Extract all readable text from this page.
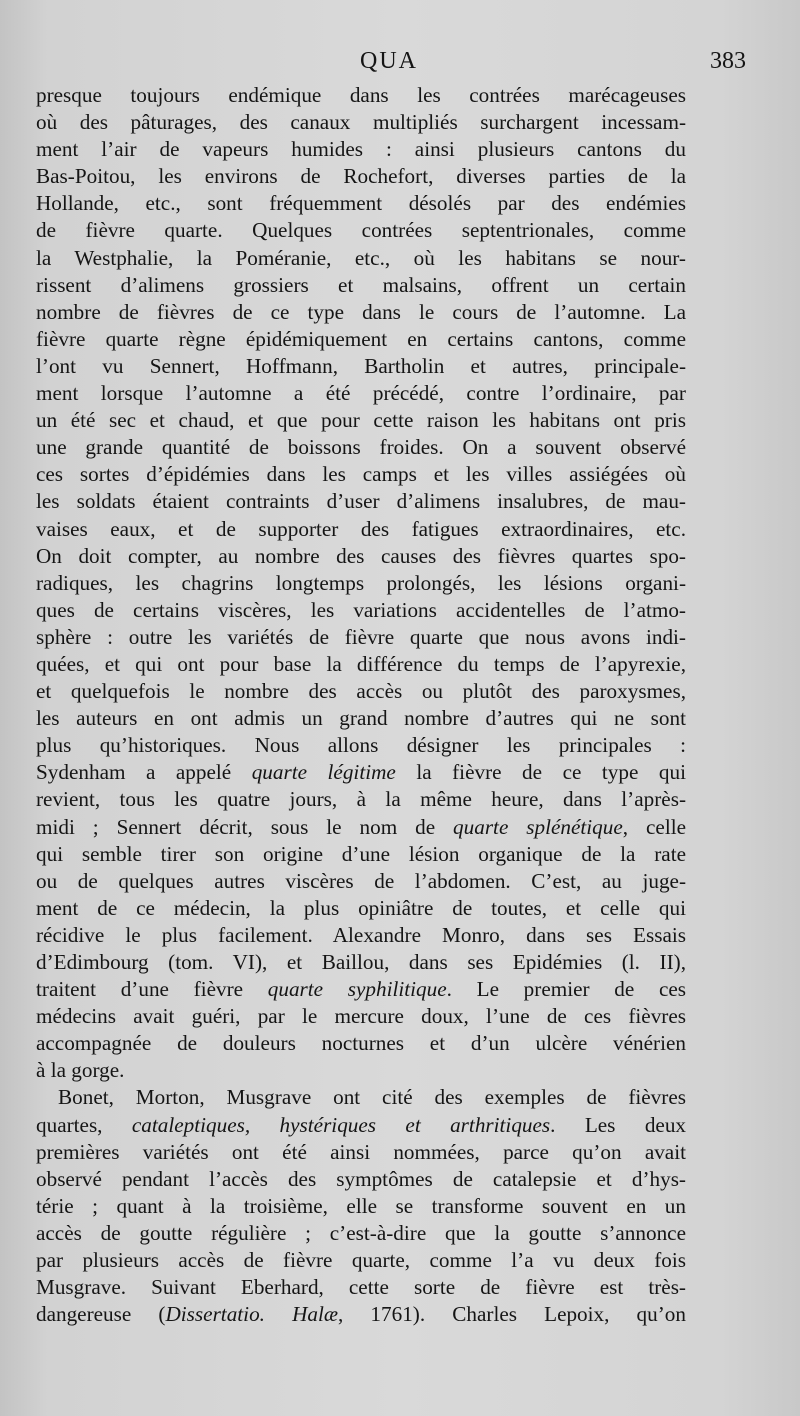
QUA	383
presque toujours endémique dans les contrées marécageuses
où des pâturages, des canaux multipliés surchargent incessam-
ment l’air de vapeurs humides : ainsi plusieurs cantons du
Bas-Poitou, les environs de Rochefort, diverses parties de la
Hollande, etc., sont fréquemment désolés par des endémies
de fièvre quarte. Quelques contrées septentrionales, comme
la Westphalie, la Poméranie, etc., où les habitans se nour-
rissent d’alimens grossiers et malsains, offrent un certain
nombre de fièvres de ce type dans le cours de l’automne. La
fièvre quarte règne épidémiquement en certains cantons, comme
l’ont vu Sennert, Hoffmann, Bartholin et autres, principale-
ment lorsque l’automne a été précédé, contre l’ordinaire, par
un été sec et chaud, et que pour cette raison les habitans ont pris
une grande quantité de boissons froides. On a souvent observé
ces sortes d’épidémies dans les camps et les villes assiégées où
les soldats étaient contraints d’user d’alimens insalubres, de mau-
vaises eaux, et de supporter des fatigues extraordinaires, etc.
On doit compter, au nombre des causes des fièvres quartes spo-
radiques, les chagrins longtemps prolongés, les lésions organi-
ques de certains viscères, les variations accidentelles de l’atmo-
sphère : outre les variétés de fièvre quarte que nous avons indi-
quées, et qui ont pour base la différence du temps de l’apyrexie,
et quelquefois le nombre des accès ou plutôt des paroxysmes,
les auteurs en ont admis un grand nombre d’autres qui ne sont
plus qu’historiques. Nous allons désigner les principales :
Sydenham a appelé quarte légitime la fièvre de ce type qui
revient, tous les quatre jours, à la même heure, dans l’après-
midi ; Sennert décrit, sous le nom de quarte splénétique, celle
qui semble tirer son origine d’une lésion organique de la rate
ou de quelques autres viscères de l’abdomen. C’est, au juge-
ment de ce médecin, la plus opiniâtre de toutes, et celle qui
récidive le plus facilement. Alexandre Monro, dans ses Essais
d’Edimbourg (tom. VI), et Baillou, dans ses Epidémies (l. II),
traitent d’une fièvre quarte syphilitique. Le premier de ces
médecins avait guéri, par le mercure doux, l’une de ces fièvres
accompagnée de douleurs nocturnes et d’un ulcère vénérien
à la gorge.
Bonet, Morton, Musgrave ont cité des exemples de fièvres
quartes, cataleptiques, hystériques et arthritiques. Les deux
premières variétés ont été ainsi nommées, parce qu’on avait
observé pendant l’accès des symptômes de catalepsie et d’hys-
térie ; quant à la troisième, elle se transforme souvent en un
accès de goutte régulière ; c’est-à-dire que la goutte s’annonce
par plusieurs accès de fièvre quarte, comme l’a vu deux fois
Musgrave. Suivant Eberhard, cette sorte de fièvre est très-
dangereuse (Dissertatio. Halæ, 1761). Charles Lepoix, qu’on
